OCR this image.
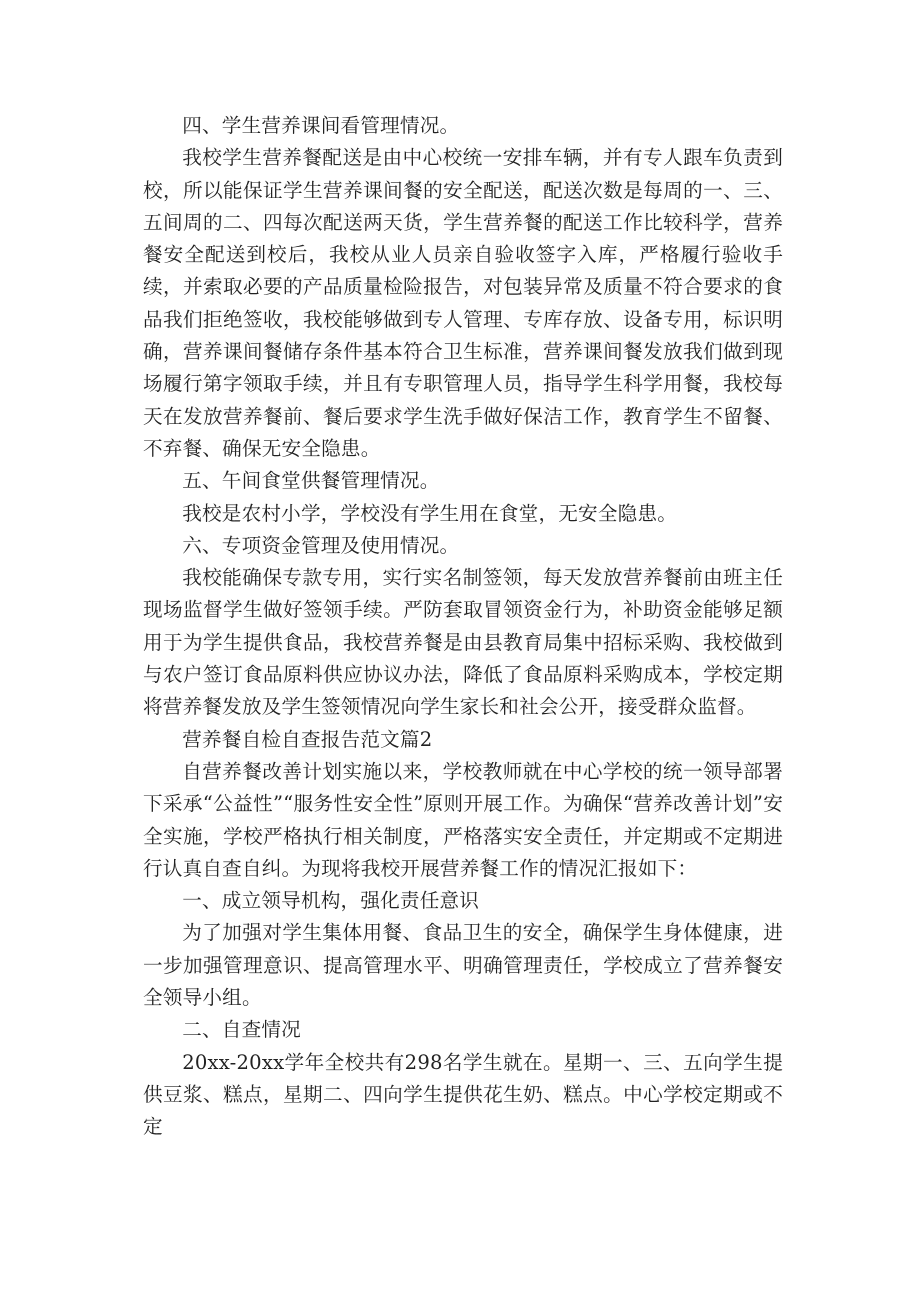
四、学生营养课间看管理情况。

我校学生营养餐配送是由中心校统一安排车辆，并有专人跟车负责到校，所以能保证学生营养课间餐的安全配送，配送次数是每周的一、三、五间周的二、四每次配送两天货，学生营养餐的配送工作比较科学，营养餐安全配送到校后，我校从业人员亲自验收签字入库，严格履行验收手续，并索取必要的产品质量检险报告，对包装异常及质量不符合要求的食品我们拒绝签收，我校能够做到专人管理、专库存放、设备专用，标识明确，营养课间餐储存条件基本符合卫生标准，营养课间餐发放我们做到现场履行第字领取手续，并且有专职管理人员，指导学生科学用餐，我校每天在发放营养餐前、餐后要求学生洗手做好保洁工作，教育学生不留餐、不弃餐、确保无安全隐患。

五、午间食堂供餐管理情况。

我校是农村小学，学校没有学生用在食堂，无安全隐患。

六、专项资金管理及使用情况。

我校能确保专款专用，实行实名制签领，每天发放营养餐前由班主任现场监督学生做好签领手续。严防套取冒领资金行为，补助资金能够足额用于为学生提供食品，我校营养餐是由县教育局集中招标采购、我校做到与农户签订食品原料供应协议办法，降低了食品原料采购成本，学校定期将营养餐发放及学生签领情况向学生家长和社会公开，接受群众监督。

营养餐自检自查报告范文篇2

自营养餐改善计划实施以来，学校教师就在中心学校的统一领导部署下采承“公益性”“服务性安全性”原则开展工作。为确保“营养改善计划”安全实施，学校严格执行相关制度，严格落实安全责任，并定期或不定期进行认真自查自纠。为现将我校开展营养餐工作的情况汇报如下：

一、成立领导机构，强化责任意识

为了加强对学生集体用餐、食品卫生的安全，确保学生身体健康，进一步加强管理意识、提高管理水平、明确管理责任，学校成立了营养餐安全领导小组。

二、自查情况

20xx-20xx学年全校共有298名学生就在。星期一、三、五向学生提供豆浆、糕点，星期二、四向学生提供花生奶、糕点。中心学校定期或不定
